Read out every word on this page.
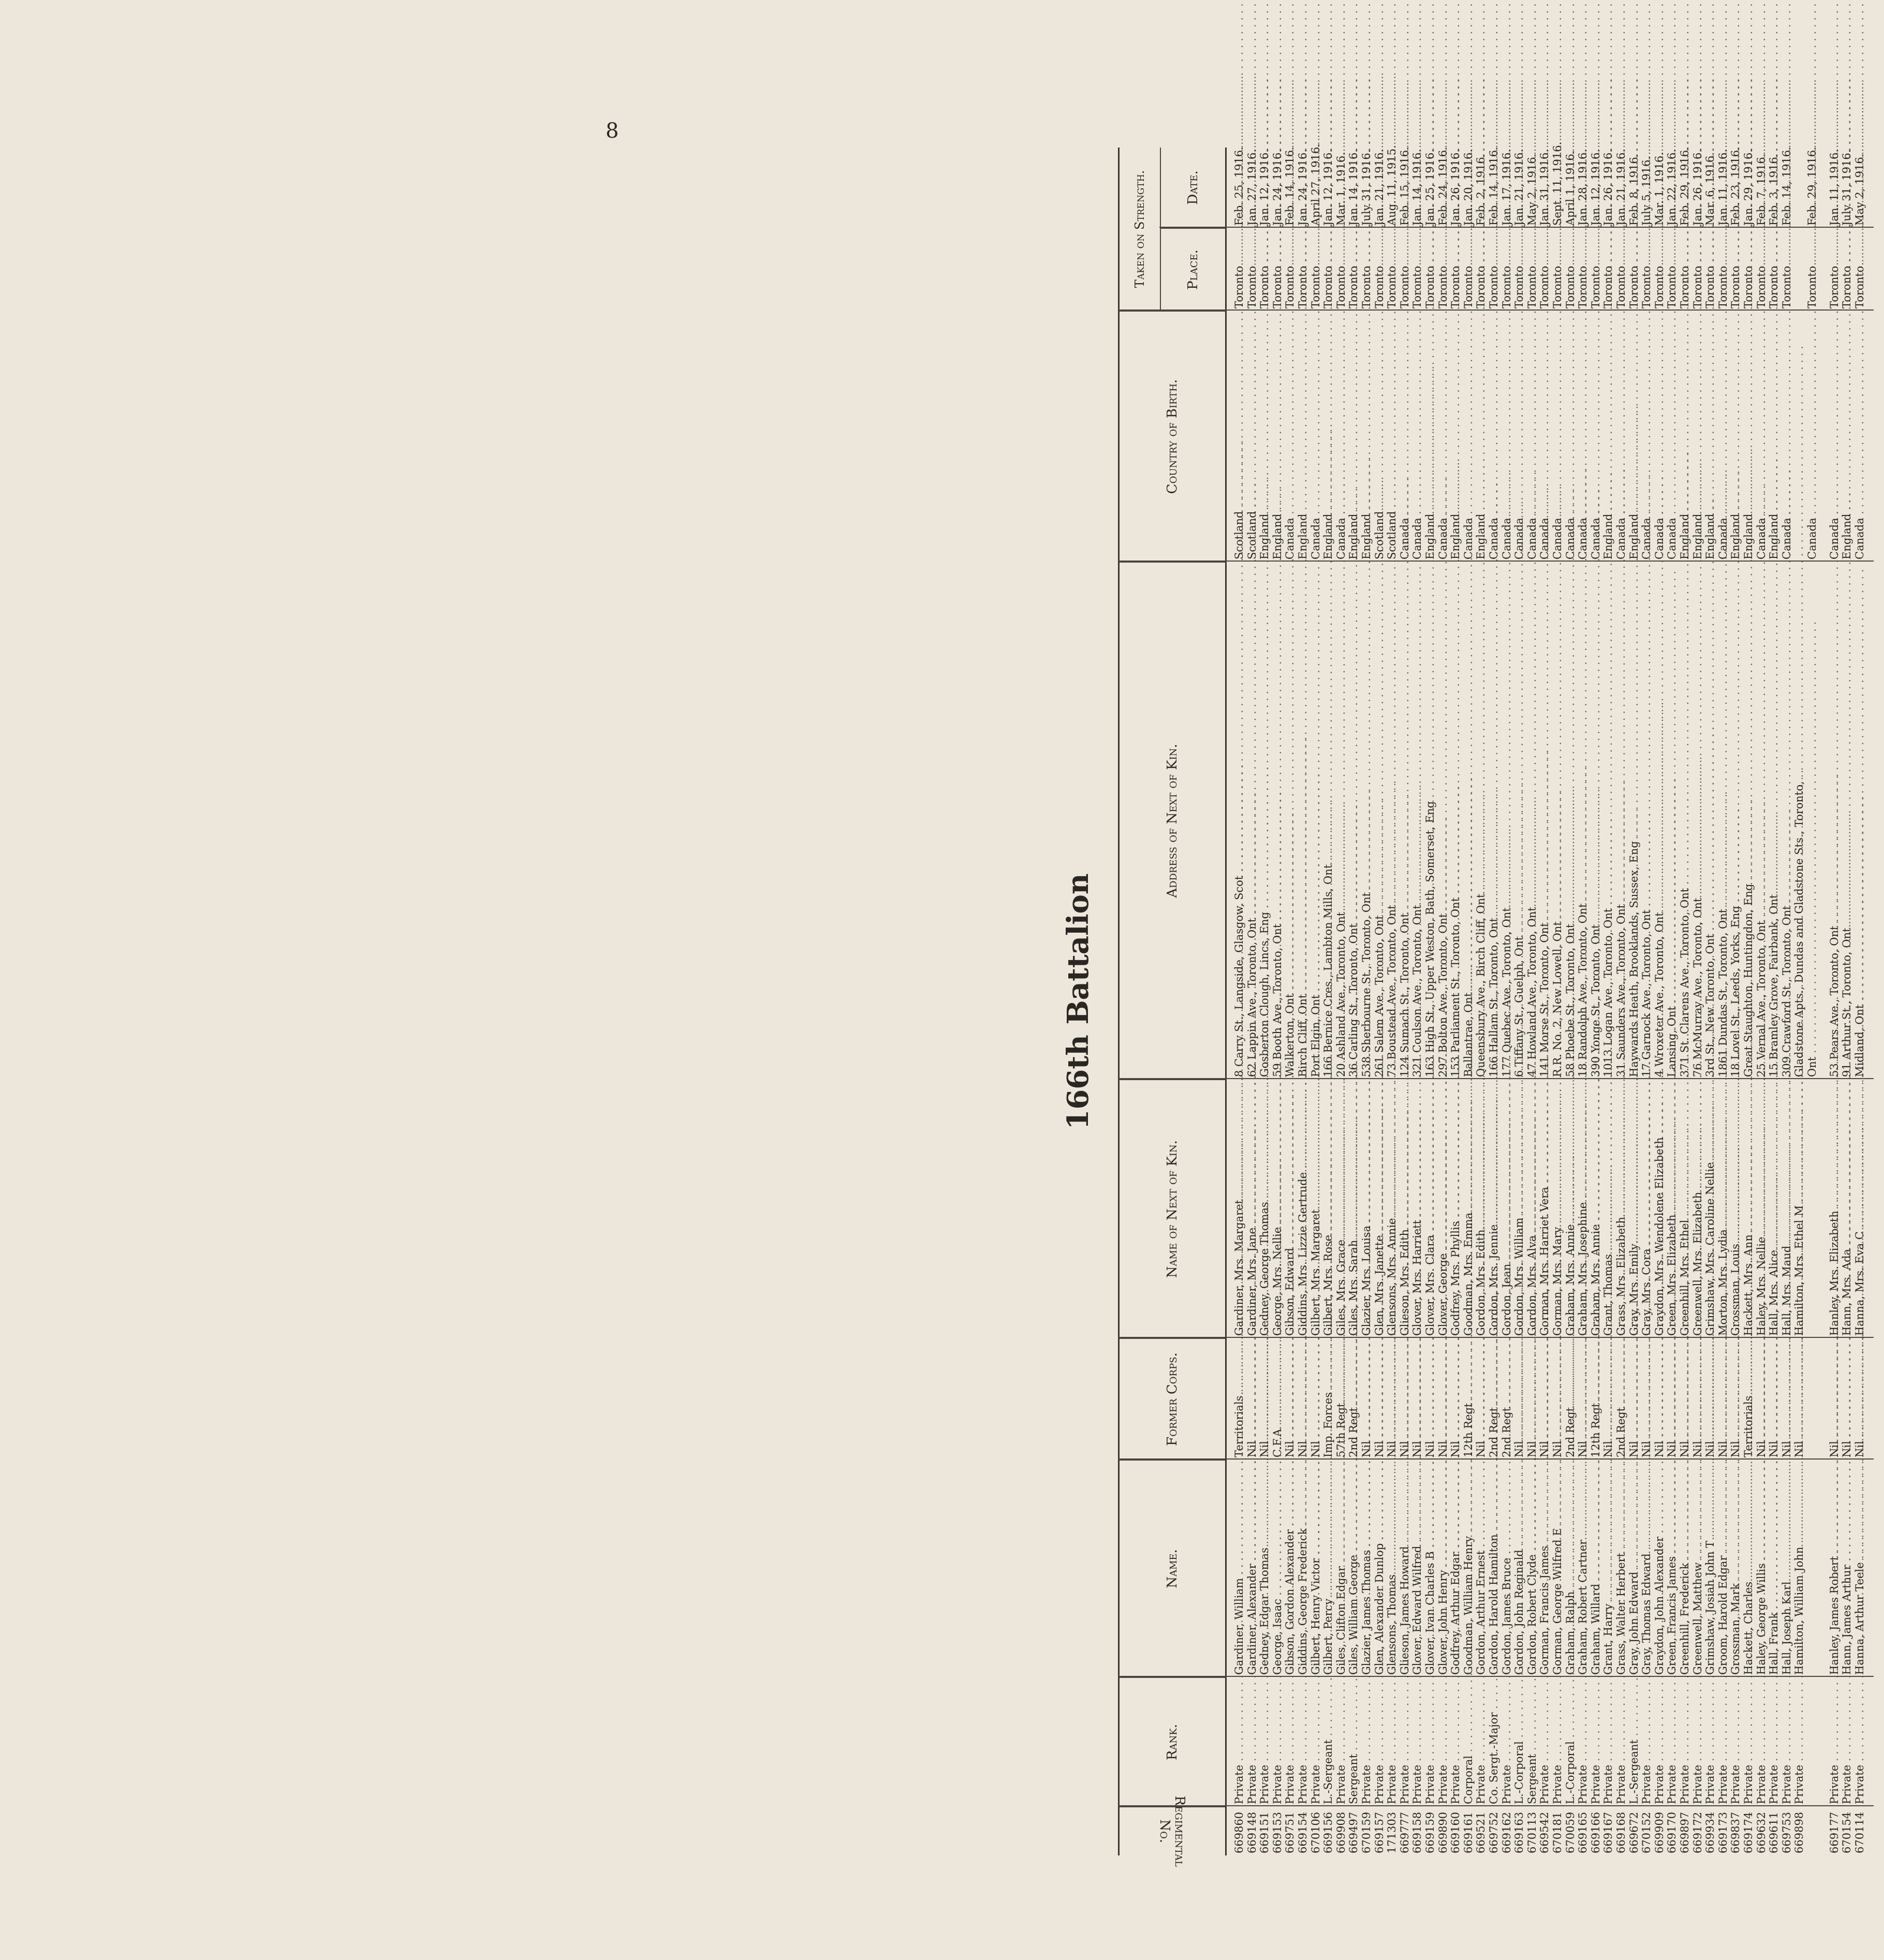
8
166th Battalion
Regimental No.
Rank.
Name.
Former Corps.
Name of Next of Kin.
Address of Next of Kin.
Country of Birth.
Taken on Strength.	Place.
Date.
669860
Private . . .
Gardiner, William . . .
Territorials . . .
Gardiner, Mrs. Margaret . . .
8 Carry St., Langside, Glasgow, Scot . . .
Scotland . . .
Toronto . . .
Feb. 25, 1916.
669148
Private . . .
Gardiner, Alexander . . .
Nil . . .
Gardiner, Mrs. Jane . . .
62 Lappin Ave., Toronto, Ont . . .
Scotland . . .
Toronto . . .
Jan. 27, 1916.
669151
Private . . .
Gedney, Edgar Thomas . . .
Nil . . .
Gedney, George Thomas . . .
Gosberton Clough, Lincs, Eng . . .
England . . .
Toronto . . .
Jan. 12, 1916.
669153
Private . . .
George, Isaac . . .
C.F.A . . .
George, Mrs. Nellie . . .
59 Booth Ave., Toronto, Ont . . .
England . . .
Toronto . . .
Jan. 24, 1916.
669751
Private . . .
Gibson, Gordon Alexander . . .
Nil . . .
Gibson, Edward . . .
Walkerton, Ont . . .
Canada . . .
Toronto . . .
Feb. 14, 1916.
669154
Private . . .
Giddins, George Frederick . . .
Nil . . .
Giddins, Mrs. Lizzie Gertrude . . .
Birch Cliff, Ont . . .
England . . .
Toronto . . .
Jan. 24, 1916.
670106
Private . . .
Gilbert, Henry Victor . . .
Nil . . .
Gilbert, Mrs. Margaret . . .
Port Elgin, Ont . . .
Canada . . .
Toronto . . .
April 27, 1916.
669156
L.-Sergeant . . .
Gilbert, Percy . . .
Imp. Forces . . .
Gilbert, Mrs. Rose . . .
166 Bernice Cres., Lambton Mills, Ont . . .
England . . .
Toronto . . .
Jan. 12, 1916.
669908
Private . . .
Giles, Clifton Edgar . . .
57th Regt . . .
Giles, Mrs. Grace . . .
20 Ashland Ave., Toronto, Ont . . .
Canada . . .
Toronto . . .
Mar. 1, 1916.
669497
Sergeant . . .
Giles, William George . . .
2nd Regt . . .
Giles, Mrs. Sarah . . .
36 Carling St., Toronto, Ont . . .
England . . .
Toronto . . .
Jan. 14, 1916.
670159
Private . . .
Glazier, James Thomas . . .
Nil . . .
Glazier, Mrs. Louisa . . .
538 Sherbourne St., Toronto, Ont . . .
England . . .
Toronto . . .
July 31, 1916.
669157
Private . . .
Glen, Alexander Dunlop . . .
Nil . . .
Glen, Mrs. Janette . . .
261 Salem Ave., Toronto, Ont . . .
Scotland . . .
Toronto . . .
Jan. 21, 1916.
171303
Private . . .
Glensons, Thomas . . .
Nil . . .
Glensons, Mrs. Annie . . .
73 Boustead Ave., Toronto, Ont . . .
Scotland . . .
Toronto . . .
Aug. 11, 1915.
669777
Private . . .
Glieson, James Howard . . .
Nil . . .
Glieson, Mrs. Edith . . .
124 Sumach St., Toronto, Ont . . .
Canada . . .
Toronto . . .
Feb. 15, 1916.
669158
Private . . .
Glover, Edward Wilfred . . .
Nil . . .
Glover, Mrs. Harriett . . .
321 Coulson Ave., Toronto, Ont . . .
Canada . . .
Toronto . . .
Jan. 14, 1916.
669159
Private . . .
Glover, Ivan Charles B . . .
Nil . . .
Glover, Mrs. Clara . . .
163 High St., Upper Weston, Bath, Somerset, Eng . . .
England . . .
Toronto . . .
Jan. 25, 1916.
669890
Private . . .
Glover, John Henry . . .
Nil . . .
Glover, George . . .
297 Bolton Ave., Toronto, Ont . . .
Canada . . .
Toronto . . .
Feb. 24, 1916.
669160
Private . . .
Godfrey, Arthur Edgar . . .
Nil . . .
Godfrey, Mrs. Phyllis . . .
153 Parliament St., Toronto, Ont . . .
England . . .
Toronto . . .
Jan. 26, 1916.
669161
Corporal . . .
Goodman, William Henry . . .
12th Regt . . .
Goodman, Mrs. Emma . . .
Ballantrae, Ont . . .
Canada . . .
Toronto . . .
Jan. 20, 1916.
669521
Private . . .
Gordon, Arthur Ernest . . .
Nil . . .
Gordon, Mrs. Edith . . .
Queensbury Ave., Birch Cliff, Ont . . .
England . . .
Toronto . . .
Feb. 2, 1916.
669752
Co. Sergt.-Major . . .
Gordon, Harold Hamilton . . .
2nd Regt . . .
Gordon, Mrs. Jennie . . .
166 Hallam St., Toronto, Ont . . .
Canada . . .
Toronto . . .
Feb. 14, 1916.
669162
Private . . .
Gordon, James Bruce . . .
2nd Regt . . .
Gordon, Jean . . .
177 Quebec Ave., Toronto, Ont . . .
Canada . . .
Toronto . . .
Jan. 17, 1916.
669163
L.-Corporal . . .
Gordon, John Reginald . . .
Nil . . .
Gordon, Mrs. William . . .
6 Tiffany St., Guelph, Ont . . .
Canada . . .
Toronto . . .
Jan. 21, 1916.
670113
Sergeant . . .
Gordon, Robert Clyde . . .
Nil . . .
Gordon, Mrs. Alva . . .
47 Howland Ave., Toronto, Ont . . .
Canada . . .
Toronto . . .
May 2, 1916.
669542
Private . . .
Gorman, Francis James . . .
Nil . . .
Gorman, Mrs. Harriet Vera . . .
141 Morse St., Toronto, Ont . . .
Canada . . .
Toronto . . .
Jan. 31, 1916.
670181
Private . . .
Gorman, George Wilfred E . . .
Nil . . .
Gorman, Mrs. Mary . . .
R.R. No. 2, New Lowell, Ont . . .
Canada . . .
Toronto . . .
Sept. 11, 1916.
670059
L.-Corporal . . .
Graham, Ralph . . .
2nd Regt . . .
Graham, Mrs. Annie . . .
58 Phoebe St., Toronto, Ont . . .
Canada . . .
Toronto . . .
April 1, 1916.
669165
Private . . .
Graham, Robert Cartner . . .
Nil . . .
Graham, Mrs. Josephine . . .
18 Randolph Ave., Toronto, Ont . . .
Canada . . .
Toronto . . .
Jan. 28, 1916.
669166
Private . . .
Graham, Willard . . .
12th Regt . . .
Graham, Mrs. Annie . . .
390 Yonge St., Toronto, Ont . . .
Canada . . .
Toronto . . .
Jan. 12, 1916.
669167
Private . . .
Grant, Harry . . .
Nil . . .
Grant, Thomas . . .
1013 Logan Ave., Toronto, Ont . . .
England . . .
Toronto . . .
Jan. 26, 1916.
669168
Private . . .
Grass, Walter Herbert . . .
2nd Regt . . .
Grass, Mrs. Elizabeth . . .
31 Saunders Ave., Toronto, Ont . . .
Canada . . .
Toronto . . .
Jan. 21, 1916.
669672
L.-Sergeant . . .
Gray, John Edward . . .
Nil . . .
Gray, Mrs. Emily . . .
Haywards Heath, Brooklands, Sussex, Eng . . .
England . . .
Toronto . . .
Feb. 8, 1916.
670152
Private . . .
Gray, Thomas Edward . . .
Nil . . .
Gray, Mrs. Cora . . .
17 Garnock Ave., Toronto, Ont . . .
Canada . . .
Toronto . . .
July 5, 1916.
669909
Private . . .
Graydon, John Alexander . . .
Nil . . .
Graydon, Mrs. Wendolene Elizabeth . . .
4 Wroxeter Ave., Toronto, Ont . . .
Canada . . .
Toronto . . .
Mar. 1, 1916.
669170
Private . . .
Green, Francis James . . .
Nil . . .
Green, Mrs. Elizabeth . . .
Lansing, Ont . . .
Canada . . .
Toronto . . .
Jan. 22, 1916.
669897
Private . . .
Greenhill, Frederick . . .
Nil . . .
Greenhill, Mrs. Ethel . . .
371 St. Clarens Ave., Toronto, Ont . . .
England . . .
Toronto . . .
Feb. 29, 1916.
669172
Private . . .
Greenwell, Matthew . . .
Nil . . .
Greenwell, Mrs. Elizabeth . . .
76 McMurray Ave., Toronto, Ont . . .
England . . .
Toronto . . .
Jan. 26, 1916.
669934
Private . . .
Grimshaw, Josiah John T . . .
Nil . . .
Grimshaw, Mrs. Caroline Nellie . . .
3rd St., New Toronto, Ont . . .
England . . .
Toronto . . .
Mar. 6, 1916.
669173
Private . . .
Groom, Harold Edgar . . .
Nil . . .
Morton, Mrs. Lydia . . .
1861 Dundas St., Toronto, Ont . . .
Canada . . .
Toronto . . .
Jan. 11, 1916.
669837
Private . . .
Grossman, Mark . . .
Nil . . .
Grossman, Louis . . .
18 Lovel St., Leeds, Yorks, Eng . . .
England . . .
Toronto . . .
Feb. 23, 1916.
669174
Private . . .
Hackett, Charles . . .
Territorials . . .
Hackett, Mrs. Ann . . .
Great Staughton, Huntingdon, Eng . . .
England . . .
Toronto . . .
Jan. 29, 1916.
669632
Private . . .
Haley, George Willis . . .
Nil . . .
Haley, Mrs. Nellie . . .
25 Vernal Ave., Toronto, Ont . . .
Canada . . .
Toronto . . .
Feb. 7, 1916.
669611
Private . . .
Hall, Frank . . .
Nil . . .
Hall, Mrs. Alice . . .
15 Bramley Grove, Fairbank, Ont . . .
England . . .
Toronto . . .
Feb. 3, 1916.
669753
Private . . .
Hall, Joseph Karl . . .
Nil . . .
Hall, Mrs. Maud . . .
309 Crawford St., Toronto, Ont . . .
Canada . . .
Toronto . . .
Feb. 14, 1916.
669898
Private . . .
Hamilton, William John . . .
Nil . . .
Hamilton, Mrs. Ethel M . . .
Gladstone Apts., Dundas and Gladstone Sts., Toronto, . . . Ont . . .
Canada . . .
Toronto . . .
Feb. 29, 1916.
669177
Private . . .
Hanley, James Robert . . .
Nil . . .
Hanley, Mrs. Elizabeth . . .
53 Pears Ave., Toronto, Ont . . .
Canada . . .
Toronto . . .
Jan. 11, 1916.
670154
Private . . .
Hann, James Arthur . . .
Nil . . .
Hann, Mrs. Ada . . .
91 Arthur St., Toronto, Ont . . .
England . . .
Toronto . . .
July 31, 1916.
670114
Private . . .
Hanna, Arthur Teele . . .
Nil . . .
Hanna, Mrs. Eva C . . .
Midland, Ont . . .
Canada . . .
Toronto . . .
May 2, 1916.
